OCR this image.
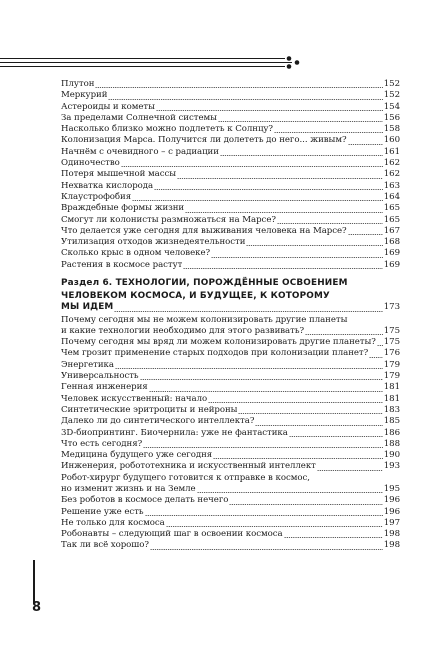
Плутон	152
Меркурий	152
Астероиды и кометы	154
За пределами Солнечной системы	156
Насколько близко можно подлететь к Солнцу?	158
Колонизация Марса. Получится ли долететь до него... живым?	160
Начнём с очевидного – с радиации	161
Одиночество	162
Потеря мышечной массы	162
Нехватка кислорода	163
Клаустрофобия	164
Враждебные формы жизни	165
Смогут ли колонисты размножаться на Марсе?	165
Что делается уже сегодня для выживания человека на Марсе?	167
Утилизация отходов жизнедеятельности	168
Сколько крыс в одном человеке?	169
Растения в космосе растут	169
Раздел 6. ТЕХНОЛОГИИ, ПОРОЖДЁННЫЕ ОСВОЕНИЕМ
ЧЕЛОВЕКОМ КОСМОСА, И БУДУЩЕЕ, К КОТОРОМУ
МЫ ИДЁМ	173
Почему сегодня мы не можем колонизировать другие планеты
и какие технологии необходимо для этого развивать?	175
Почему сегодня мы вряд ли можем колонизировать другие планеты? 175
Чем грозит применение старых подходов при колонизации планет? 176
Энергетика	179
Универсальность	179
Генная инженерия	181
Человек искусственный: начало	181
Синтетические эритроциты и нейроны	183
Далеко ли до синтетического интеллекта?	185
3D-биопринтинг. Биочернила: уже не фантастика	186
Что есть сегодня?	188
Медицина будущего уже сегодня	190
Инженерия, робототехника и искусственный интеллект	193
Робот-хирург будущего готовится к отправке в космос,
но изменит жизнь и на Земле	195
Без роботов в космосе делать нечего	196
Решение уже есть	196
Не только для космоса	197
Робонавты – следующий шаг в освоении космоса	198
Так ли всё хорошо?	198
8
